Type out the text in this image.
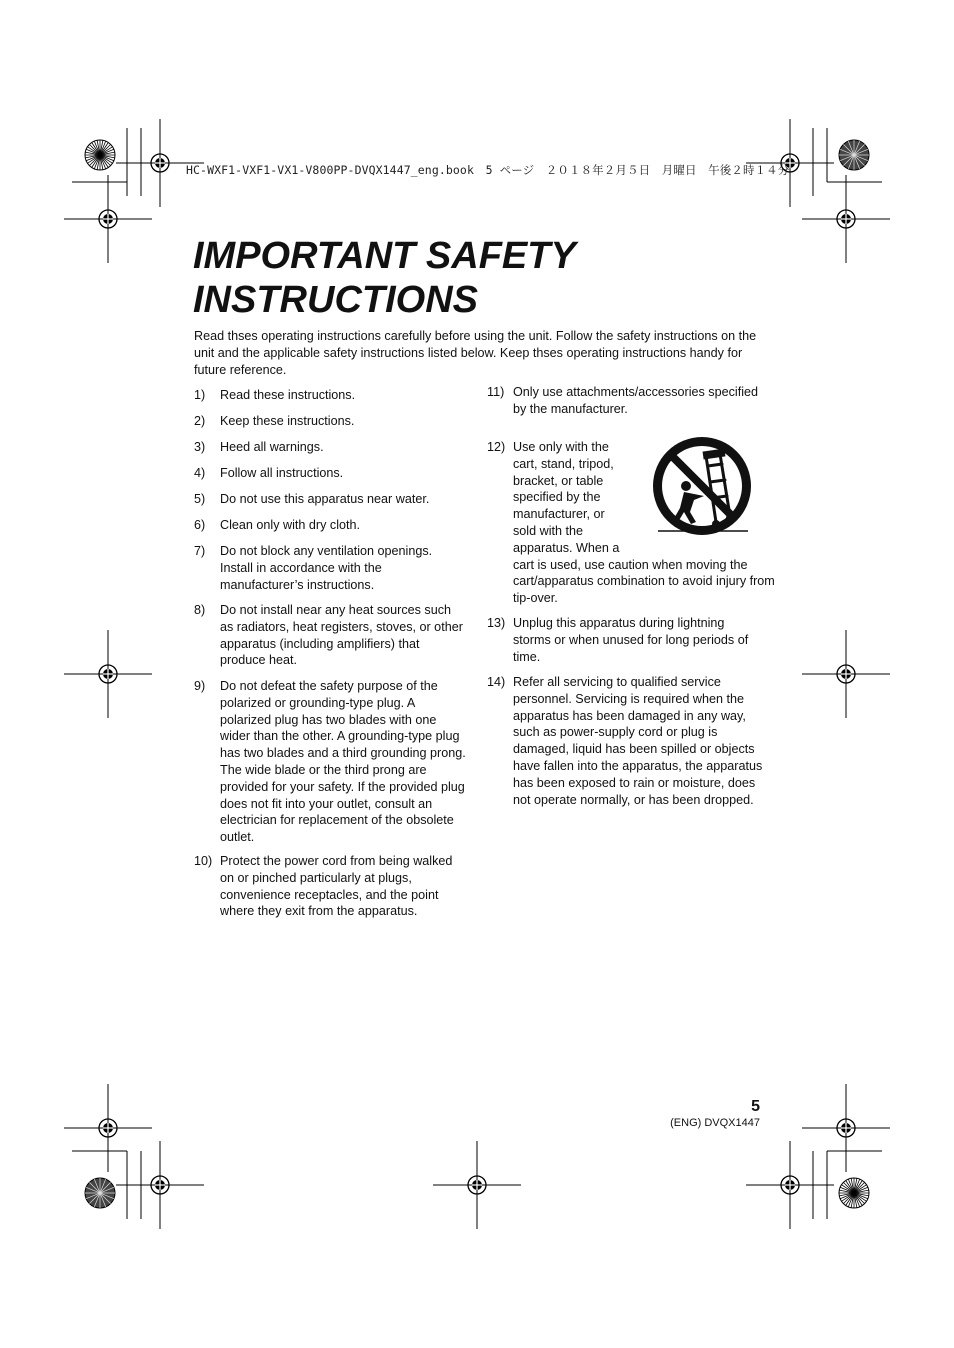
HC-WXF1-VXF1-VX1-V800PP-DVQX1447_eng.book　5 ページ　２０１８年２月５日　月曜日　午後２時１４分
IMPORTANT SAFETY
INSTRUCTIONS

Read thses operating instructions carefully before using the unit. Follow the safety instructions on the unit and the applicable safety instructions listed below. Keep thses operating instructions handy for future reference.

1) Read these instructions.
2) Keep these instructions.
3) Heed all warnings.
4) Follow all instructions.
5) Do not use this apparatus near water.
6) Clean only with dry cloth.
7) Do not block any ventilation openings. Install in accordance with the manufacturer’s instructions.
8) Do not install near any heat sources such as radiators, heat registers, stoves, or other apparatus (including amplifiers) that produce heat.
9) Do not defeat the safety purpose of the polarized or grounding-type plug. A polarized plug has two blades with one wider than the other. A grounding-type plug has two blades and a third grounding prong. The wide blade or the third prong are provided for your safety. If the provided plug does not fit into your outlet, consult an electrician for replacement of the obsolete outlet.
10) Protect the power cord from being walked on or pinched particularly at plugs, convenience receptacles, and the point where they exit from the apparatus.
11) Only use attachments/accessories specified by the manufacturer.
12) Use only with the
cart, stand, tripod,
bracket, or table
specified by the
manufacturer, or
sold with the
apparatus. When a
cart is used, use caution when moving the cart/apparatus combination to avoid injury from tip-over.
13) Unplug this apparatus during lightning storms or when unused for long periods of time.
14) Refer all servicing to qualified service personnel. Servicing is required when the apparatus has been damaged in any way, such as power-supply cord or plug is damaged, liquid has been spilled or objects have fallen into the apparatus, the apparatus has been exposed to rain or moisture, does not operate normally, or has been dropped.
5
(ENG) DVQX1447
